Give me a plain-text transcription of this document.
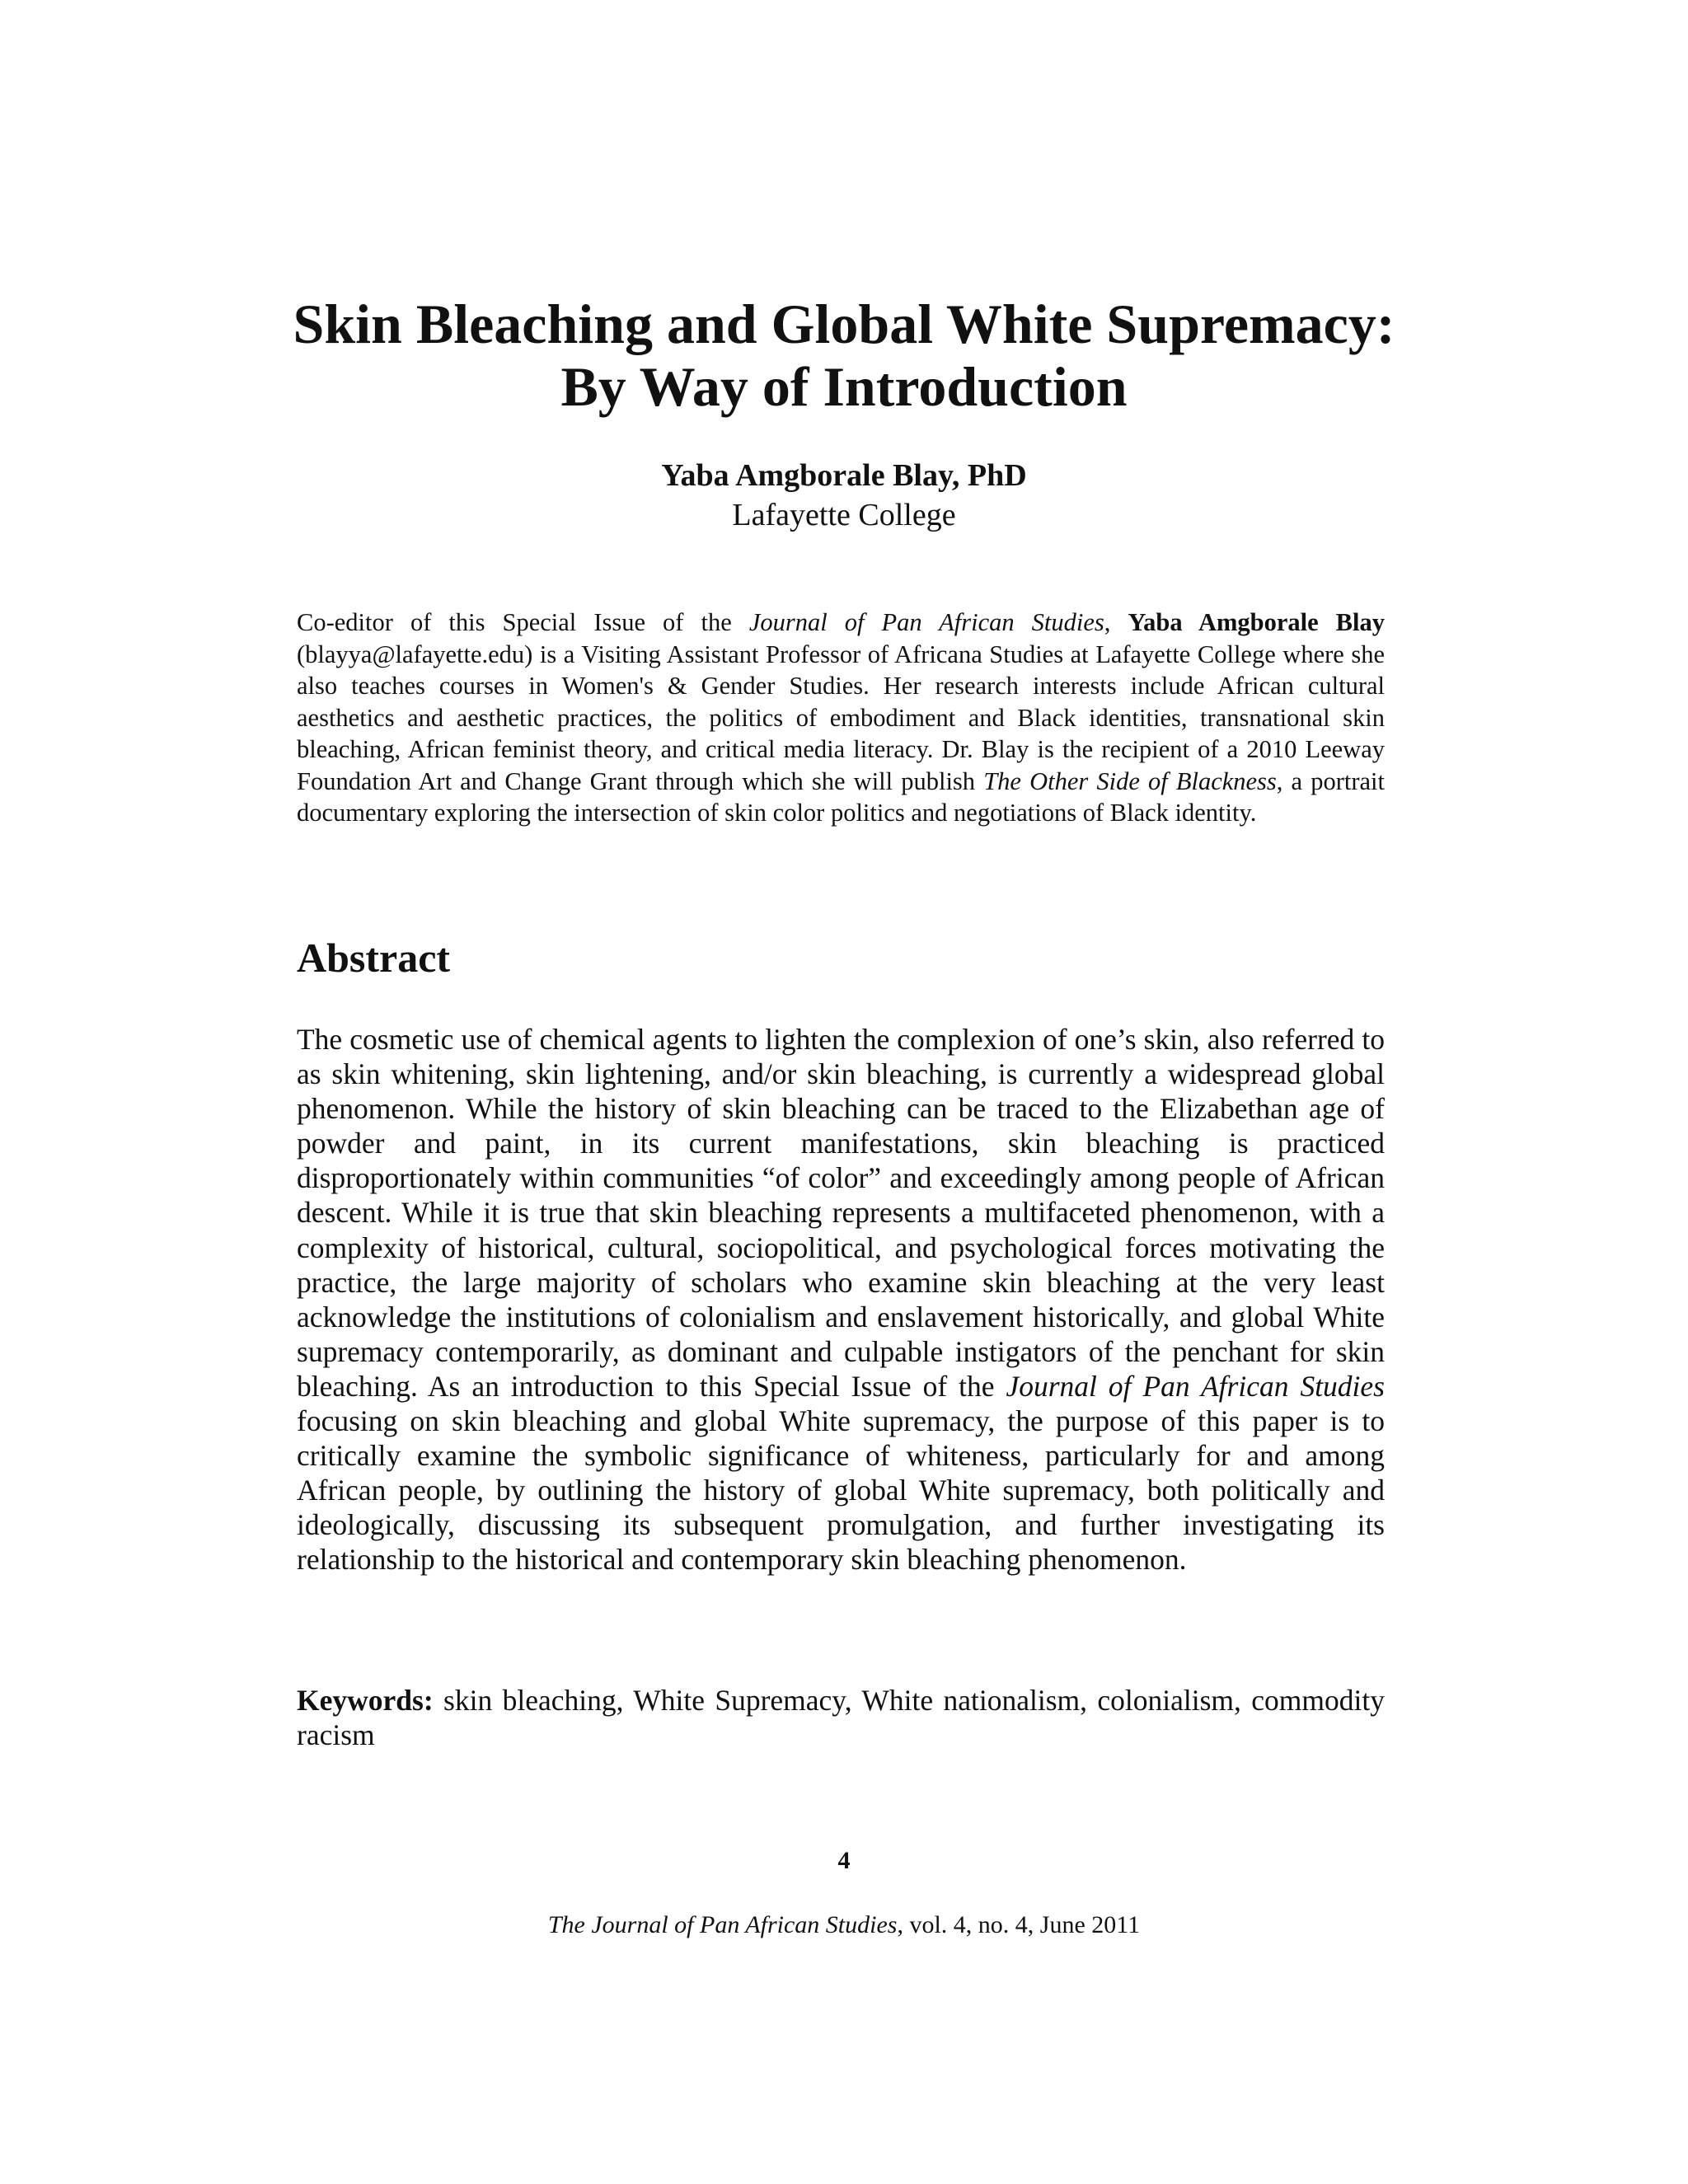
Skin Bleaching and Global White Supremacy:
By Way of Introduction
Yaba Amgborale Blay, PhD
Lafayette College

Co-editor of this Special Issue of the Journal of Pan African Studies, Yaba Amgborale Blay (blayya@lafayette.edu) is a Visiting Assistant Professor of Africana Studies at Lafayette College where she also teaches courses in Women's & Gender Studies. Her research interests include African cultural aesthetics and aesthetic practices, the politics of embodiment and Black identities, transnational skin bleaching, African feminist theory, and critical media literacy. Dr. Blay is the recipient of a 2010 Leeway Foundation Art and Change Grant through which she will publish The Other Side of Blackness, a portrait documentary exploring the intersection of skin color politics and negotiations of Black identity.

Abstract

The cosmetic use of chemical agents to lighten the complexion of one’s skin, also referred to as skin whitening, skin lightening, and/or skin bleaching, is currently a widespread global phenomenon. While the history of skin bleaching can be traced to the Elizabethan age of powder and paint, in its current manifestations, skin bleaching is practiced disproportionately within communities “of color” and exceedingly among people of African descent. While it is true that skin bleaching represents a multifaceted phenomenon, with a complexity of historical, cultural, sociopolitical, and psychological forces motivating the practice, the large majority of scholars who examine skin bleaching at the very least acknowledge the institutions of colonialism and enslavement historically, and global White supremacy contemporarily, as dominant and culpable instigators of the penchant for skin bleaching. As an introduction to this Special Issue of the Journal of Pan African Studies focusing on skin bleaching and global White supremacy, the purpose of this paper is to critically examine the symbolic significance of whiteness, particularly for and among African people, by outlining the history of global White supremacy, both politically and ideologically, discussing its subsequent promulgation, and further investigating its relationship to the historical and contemporary skin bleaching phenomenon.

Keywords: skin bleaching, White Supremacy, White nationalism, colonialism, commodity racism

4
The Journal of Pan African Studies, vol. 4, no. 4, June 2011
